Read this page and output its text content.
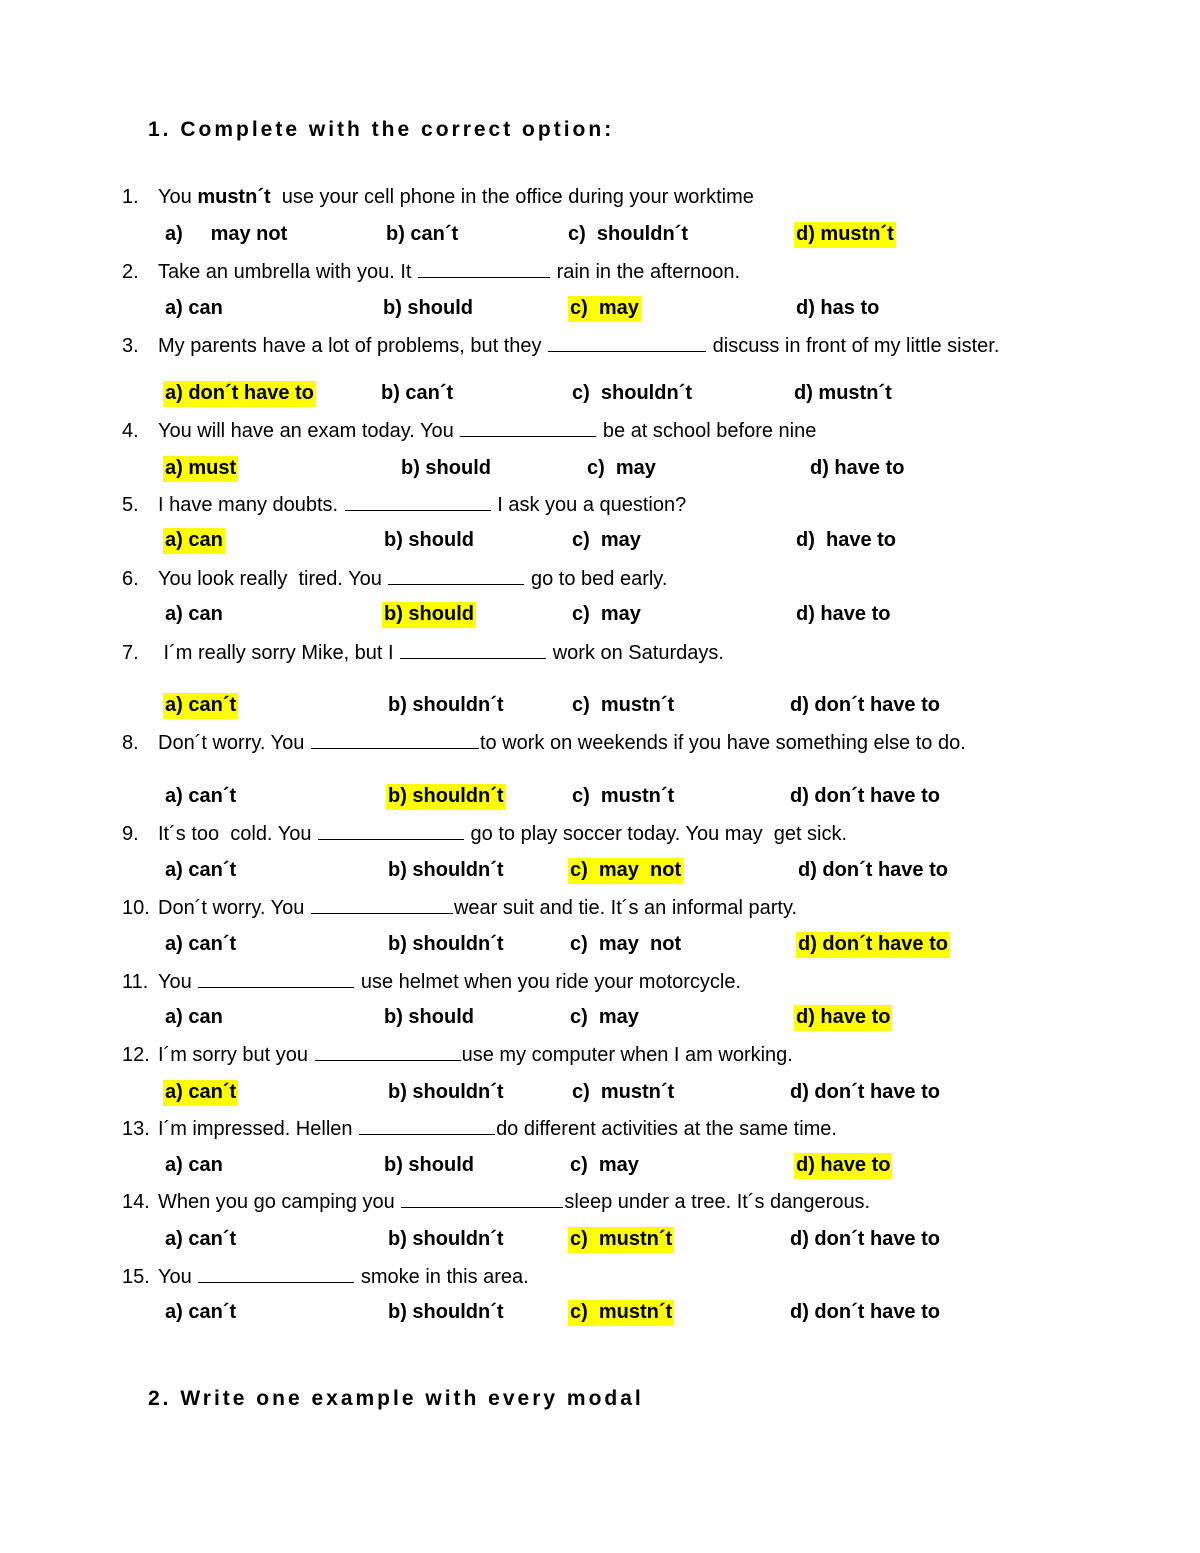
1. Complete with the correct option:
1. You mustn´t  use your cell phone in the office during your worktime
a)     may not	b) can´t	c)  shouldn´t	d) mustn´t
2. Take an umbrella with you. It	rain in the afternoon.
a) can	b) should	c)  may	d) has to
3. My parents have a lot of problems, but they	discuss in front of my little sister.
a) don´t have to	b) can´t	c)  shouldn´t	d) mustn´t
4. You will have an exam today. You	be at school before nine
a) must	b) should	c)  may	d) have to
5. I have many doubts.	I ask you a question?
a) can	b) should	c)  may	d)  have to
6. You look really  tired. You	go to bed early.
a) can	b) should	c)  may	d) have to
7. I´m really sorry Mike, but I	work on Saturdays.
a) can´t	b) shouldn´t	c)  mustn´t	d) don´t have to
8. Don´t worry. You	to work on weekends if you have something else to do.
a) can´t	b) shouldn´t	c)  mustn´t	d) don´t have to
9. It´s too  cold. You	go to play soccer today. You may  get sick.
a) can´t	b) shouldn´t	c)  may  not	d) don´t have to
10. Don´t worry. You	wear suit and tie. It´s an informal party.
a) can´t	b) shouldn´t	c)  may  not	d) don´t have to
11. You	use helmet when you ride your motorcycle.
a) can	b) should	c)  may	d) have to
12. I´m sorry but you	use my computer when I am working.
a) can´t	b) shouldn´t	c)  mustn´t	d) don´t have to
13. I´m impressed. Hellen	do different activities at the same time.
a) can	b) should	c)  may	d) have to
14. When you go camping you	sleep under a tree. It´s dangerous.
a) can´t	b) shouldn´t	c)  mustn´t	d) don´t have to
15. You	smoke in this area.
a) can´t	b) shouldn´t	c)  mustn´t	d) don´t have to
2. Write one example with every modal
